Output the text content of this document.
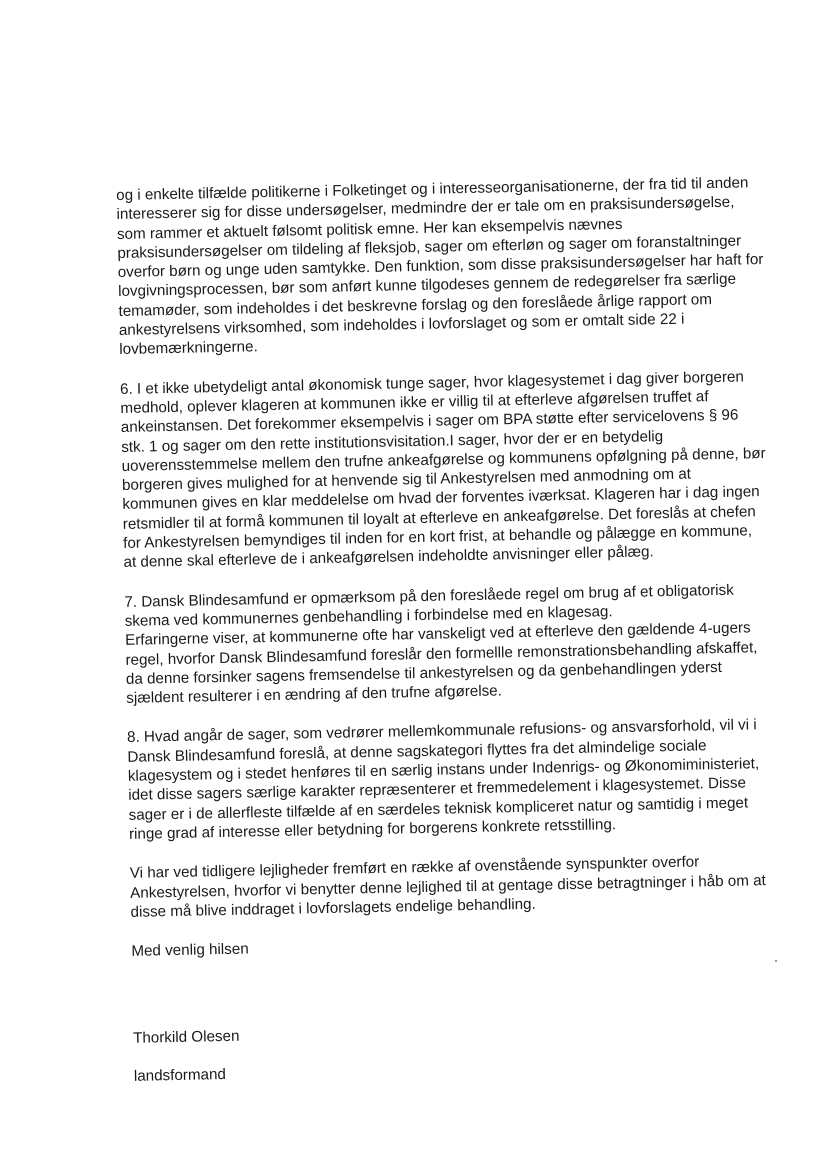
og i enkelte tilfælde politikerne i Folketinget og i interesseorganisationerne, der fra tid til anden
interesserer sig for disse undersøgelser, medmindre der er tale om en praksisundersøgelse,
som rammer et aktuelt følsomt politisk emne. Her kan eksempelvis nævnes
praksisundersøgelser om tildeling af fleksjob, sager om efterløn og sager om foranstaltninger
overfor børn og unge uden samtykke. Den funktion, som disse praksisundersøgelser har haft for
lovgivningsprocessen, bør som anført kunne tilgodeses gennem de redegørelser fra særlige
temamøder, som indeholdes i det beskrevne forslag og den foreslåede årlige rapport om
ankestyrelsens virksomhed, som indeholdes i lovforslaget og som er omtalt side 22 i
lovbemærkningerne.

6. I et ikke ubetydeligt antal økonomisk tunge sager, hvor klagesystemet i dag giver borgeren
medhold, oplever klageren at kommunen ikke er villig til at efterleve afgørelsen truffet af
ankeinstansen. Det forekommer eksempelvis i sager om BPA støtte efter servicelovens § 96
stk. 1 og sager om den rette institutionsvisitation.I sager, hvor der er en betydelig
uoverensstemmelse mellem den trufne ankeafgørelse og kommunens opfølgning på denne, bør
borgeren gives mulighed for at henvende sig til Ankestyrelsen med anmodning om at
kommunen gives en klar meddelelse om hvad der forventes iværksat. Klageren har i dag ingen
retsmidler til at formå kommunen til loyalt at efterleve en ankeafgørelse. Det foreslås at chefen
for Ankestyrelsen bemyndiges til inden for en kort frist, at behandle og pålægge en kommune,
at denne skal efterleve de i ankeafgørelsen indeholdte anvisninger eller pålæg.

7. Dansk Blindesamfund er opmærksom på den foreslåede regel om brug af et obligatorisk
skema ved kommunernes genbehandling i forbindelse med en klagesag.
Erfaringerne viser, at kommunerne ofte har vanskeligt ved at efterleve den gældende 4-ugers
regel, hvorfor Dansk Blindesamfund foreslår den formellle remonstrationsbehandling afskaffet,
da denne forsinker sagens fremsendelse til ankestyrelsen og da genbehandlingen yderst
sjældent resulterer i en ændring af den trufne afgørelse.

8. Hvad angår de sager, som vedrører mellemkommunale refusions- og ansvarsforhold, vil vi i
Dansk Blindesamfund foreslå, at denne sagskategori flyttes fra det almindelige sociale
klagesystem og i stedet henføres til en særlig instans under Indenrigs- og Økonomiministeriet,
idet disse sagers særlige karakter repræsenterer et fremmedelement i klagesystemet. Disse
sager er i de allerfleste tilfælde af en særdeles teknisk kompliceret natur og samtidig i meget
ringe grad af interesse eller betydning for borgerens konkrete retsstilling.

Vi har ved tidligere lejligheder fremført en række af ovenstående synspunkter overfor
Ankestyrelsen, hvorfor vi benytter denne lejlighed til at gentage disse betragtninger i håb om at
disse må blive inddraget i lovforslagets endelige behandling.

Med venlig hilsen

Thorkild Olesen

landsformand
